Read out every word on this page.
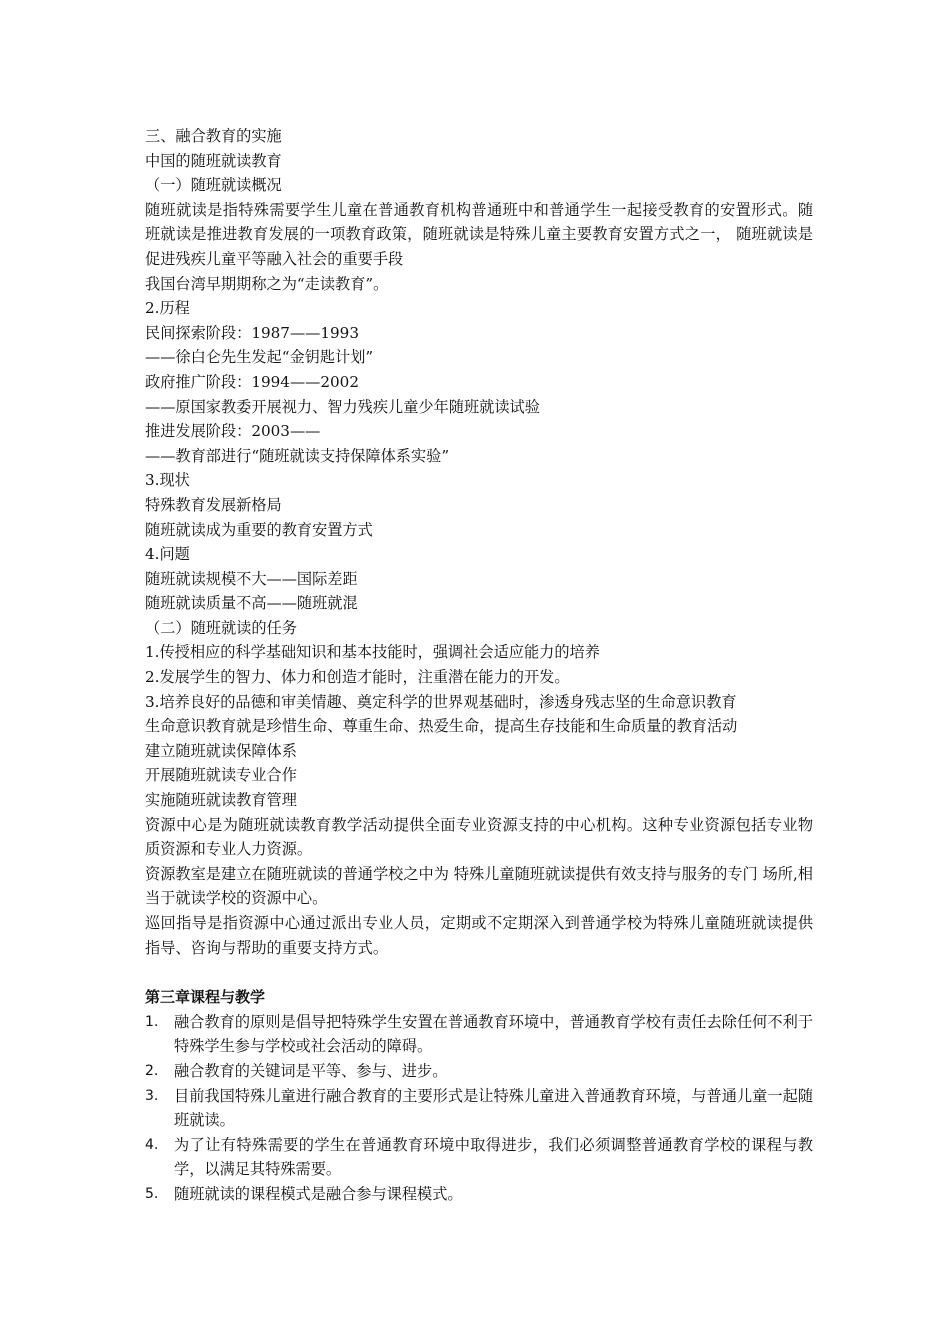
三、融合教育的实施
中国的随班就读教育
（一）随班就读概况
随班就读是指特殊需要学生儿童在普通教育机构普通班中和普通学生一起接受教育的安置形式。随班就读是推进教育发展的一项教育政策，随班就读是特殊儿童主要教育安置方式之一， 随班就读是促进残疾儿童平等融入社会的重要手段
我国台湾早期期称之为“走读教育”。
2.历程
民间探索阶段：1987——1993
——徐白仑先生发起“金钥匙计划”
政府推广阶段：1994——2002
——原国家教委开展视力、智力残疾儿童少年随班就读试验
推进发展阶段：2003——
——教育部进行“随班就读支持保障体系实验”
3.现状
特殊教育发展新格局
随班就读成为重要的教育安置方式
4.问题
随班就读规模不大——国际差距
随班就读质量不高——随班就混
（二）随班就读的任务
1.传授相应的科学基础知识和基本技能时，强调社会适应能力的培养
2.发展学生的智力、体力和创造才能时，注重潜在能力的开发。
3.培养良好的品德和审美情趣、奠定科学的世界观基础时，渗透身残志坚的生命意识教育
生命意识教育就是珍惜生命、尊重生命、热爱生命，提高生存技能和生命质量的教育活动
建立随班就读保障体系
开展随班就读专业合作
实施随班就读教育管理
资源中心是为随班就读教育教学活动提供全面专业资源支持的中心机构。这种专业资源包括专业物质资源和专业人力资源。
资源教室是建立在随班就读的普通学校之中为 特殊儿童随班就读提供有效支持与服务的专门 场所,相当于就读学校的资源中心。
巡回指导是指资源中心通过派出专业人员，定期或不定期深入到普通学校为特殊儿童随班就读提供指导、咨询与帮助的重要支持方式。
第三章课程与教学
1. 融合教育的原则是倡导把特殊学生安置在普通教育环境中，普通教育学校有责任去除任何不利于特殊学生参与学校或社会活动的障碍。
2. 融合教育的关键词是平等、参与、进步。
3. 目前我国特殊儿童进行融合教育的主要形式是让特殊儿童进入普通教育环境，与普通儿童一起随班就读。
4. 为了让有特殊需要的学生在普通教育环境中取得进步，我们必须调整普通教育学校的课程与教学，以满足其特殊需要。
5. 随班就读的课程模式是融合参与课程模式。
